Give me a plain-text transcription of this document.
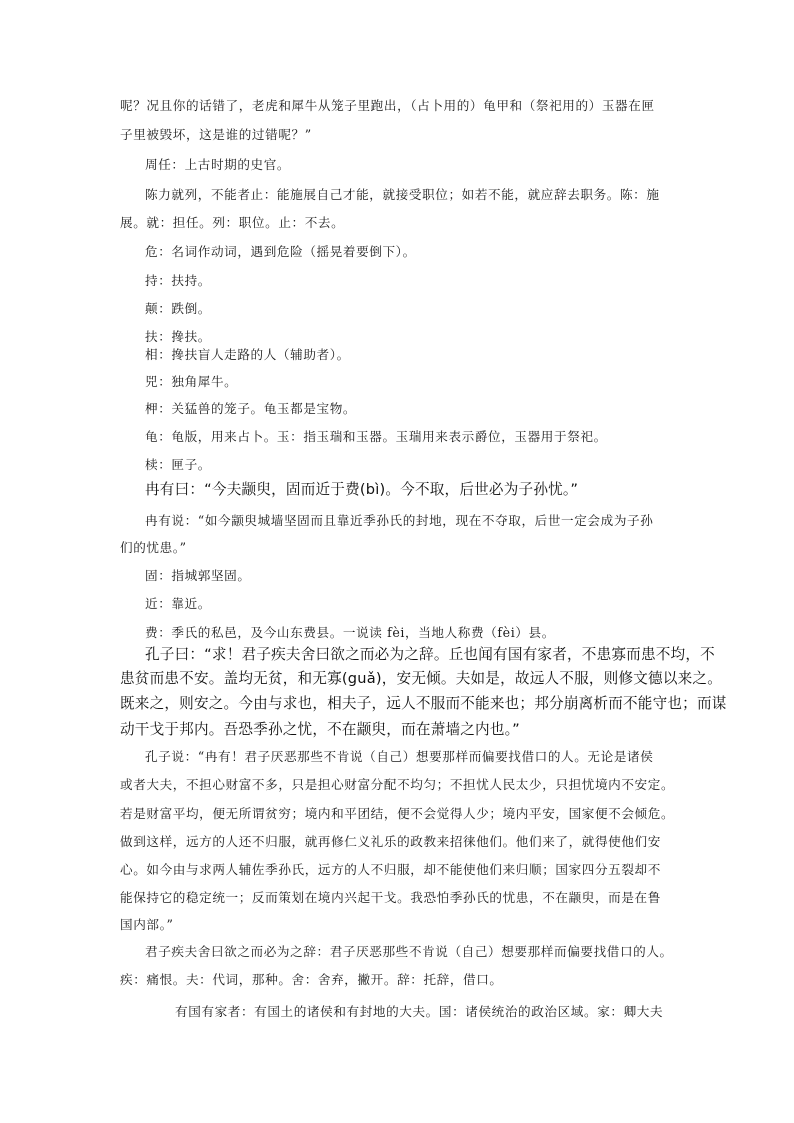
呢？况且你的话错了，老虎和犀牛从笼子里跑出，（占卜用的）龟甲和（祭祀用的）玉器在匣
子里被毁坏，这是谁的过错呢？”
周任：上古时期的史官。
陈力就列，不能者止：能施展自己才能，就接受职位；如若不能，就应辞去职务。陈：施
展。就：担任。列：职位。止：不去。
危：名词作动词，遇到危险（摇晃着要倒下）。
持：扶持。
颠：跌倒。
扶：搀扶。
相：搀扶盲人走路的人（辅助者）。
兕：独角犀牛。
柙：关猛兽的笼子。龟玉都是宝物。
龟：龟版，用来占卜。玉：指玉瑞和玉器。玉瑞用来表示爵位，玉器用于祭祀。
椟：匣子。
冉有曰：“今夫颛臾，固而近于费(bì)。今不取，后世必为子孙忧。”
冉有说：“如今颛臾城墙坚固而且靠近季孙氏的封地，现在不夺取，后世一定会成为子孙
们的忧患。”
固：指城郭坚固。
近：靠近。
费：季氏的私邑，及今山东费县。一说读 fèi，当地人称费（fèi）县。
孔子曰：“求！君子疾夫舍曰欲之而必为之辞。丘也闻有国有家者，不患寡而患不均，不
患贫而患不安。盖均无贫，和无寡(guǎ)，安无倾。夫如是，故远人不服，则修文德以来之。
既来之，则安之。今由与求也，相夫子，远人不服而不能来也；邦分崩离析而不能守也；而谋
动干戈于邦内。吾恐季孙之忧，不在颛臾，而在萧墙之内也。”
孔子说：“冉有！君子厌恶那些不肯说（自己）想要那样而偏要找借口的人。无论是诸侯
或者大夫，不担心财富不多，只是担心财富分配不均匀；不担忧人民太少，只担忧境内不安定。
若是财富平均，便无所谓贫穷；境内和平团结，便不会觉得人少；境内平安，国家便不会倾危。
做到这样，远方的人还不归服，就再修仁义礼乐的政教来招徕他们。他们来了，就得使他们安
心。如今由与求两人辅佐季孙氏，远方的人不归服，却不能使他们来归顺；国家四分五裂却不
能保持它的稳定统一；反而策划在境内兴起干戈。我恐怕季孙氏的忧患，不在颛臾，而是在鲁
国内部。”
君子疾夫舍曰欲之而必为之辞：君子厌恶那些不肯说（自己）想要那样而偏要找借口的人。
疾：痛恨。夫：代词，那种。舍：舍弃，撇开。辞：托辞，借口。
有国有家者：有国土的诸侯和有封地的大夫。国：诸侯统治的政治区域。家：卿大夫
